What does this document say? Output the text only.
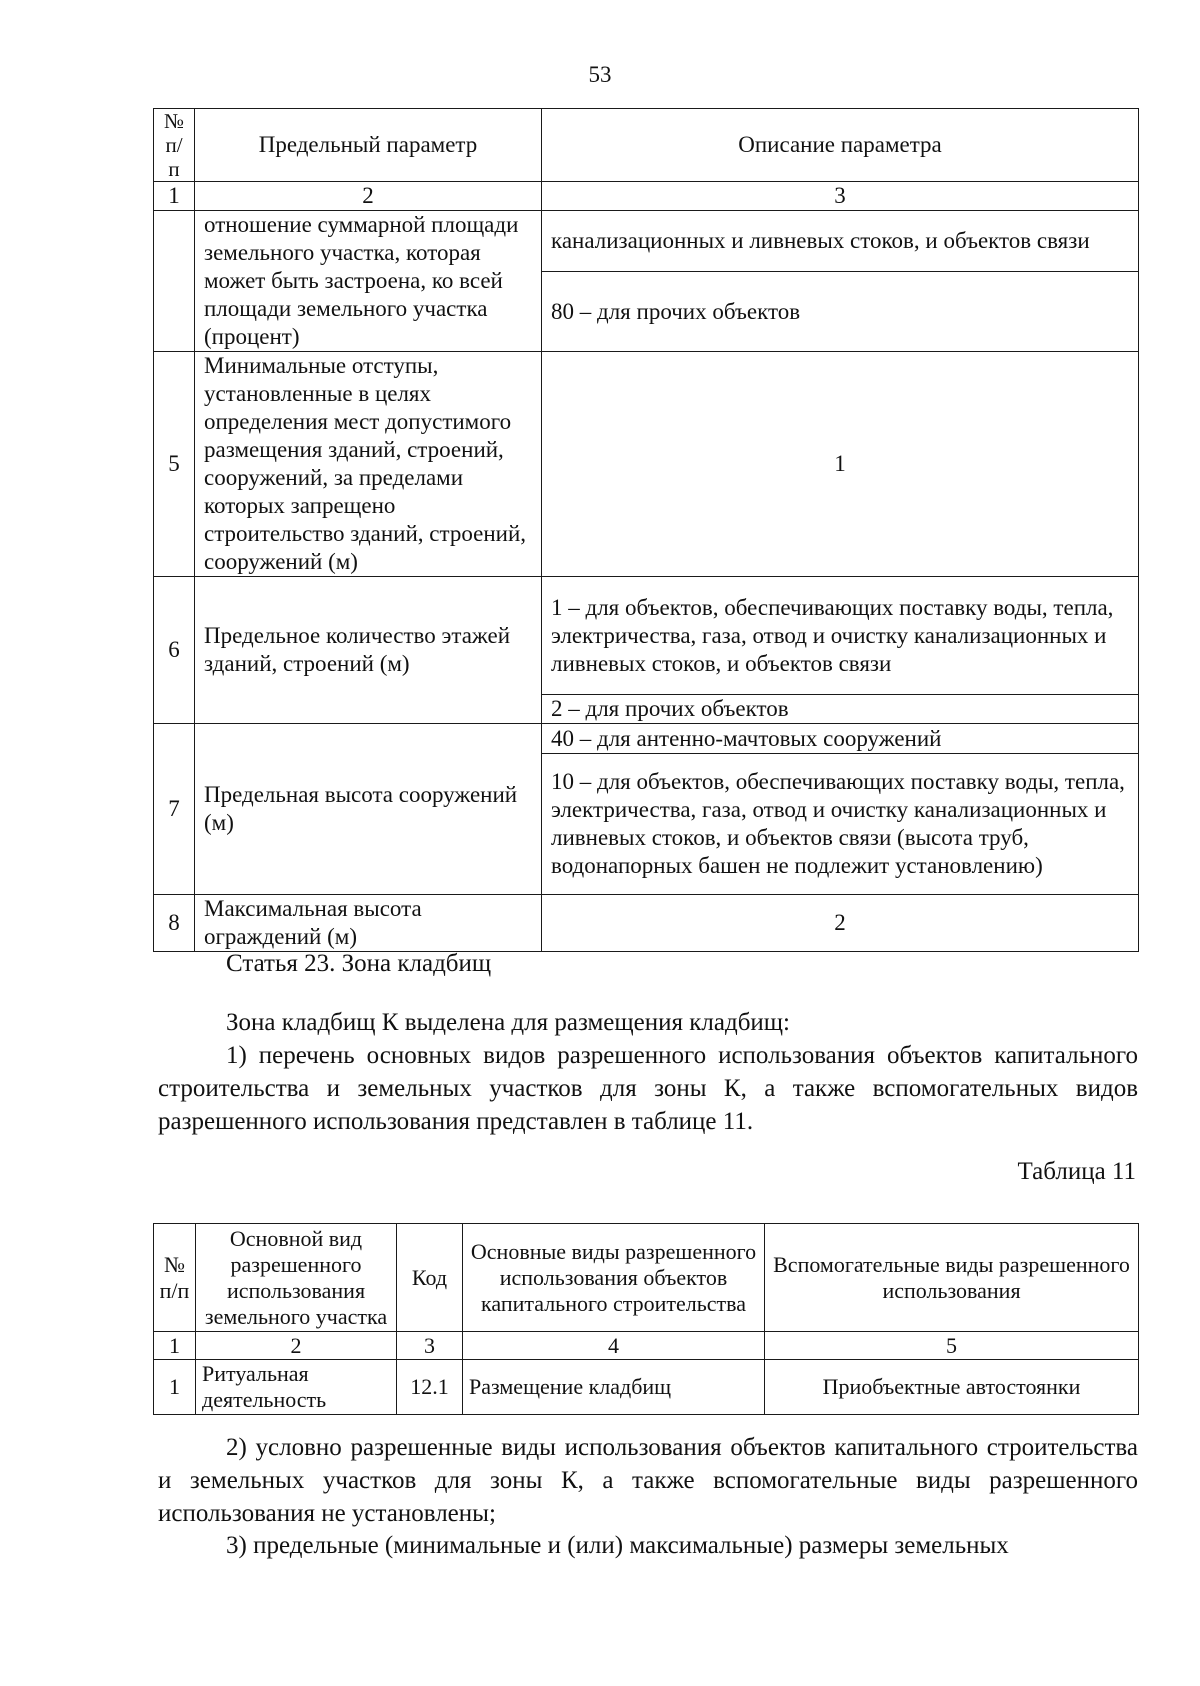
53
№ п/п	Предельный параметр	Описание параметра
1	2	3
	отношение суммарной площади земельного участка, которая может быть застроена, ко всей площади земельного участка (процент)	канализационных и ливневых стоков, и объектов связи
		80 – для прочих объектов
5	Минимальные отступы, установленные в целях определения мест допустимого размещения зданий, строений, сооружений, за пределами которых запрещено строительство зданий, строений, сооружений (м)	1
6	Предельное количество этажей зданий, строений (м)	1 – для объектов, обеспечивающих поставку воды, тепла, электричества, газа, отвод и очистку канализационных и ливневых стоков, и объектов связи
		2 – для прочих объектов
7	Предельная высота сооружений (м)	40 – для антенно-мачтовых сооружений
		10 – для объектов, обеспечивающих поставку воды, тепла, электричества, газа, отвод и очистку канализационных и ливневых стоков, и объектов связи (высота труб, водонапорных башен не подлежит установлению)
8	Максимальная высота ограждений (м)	2
Статья 23. Зона кладбищ
Зона кладбищ К выделена для размещения кладбищ:
1) перечень основных видов разрешенного использования объектов капитального строительства и земельных участков для зоны К, а также вспомогательных видов разрешенного использования представлен в таблице 11.
Таблица 11
№ п/п	Основной вид разрешенного использования земельного участка	Код	Основные виды разрешенного использования объектов капитального строительства	Вспомогательные виды разрешенного использования
1	2	3	4	5
1	Ритуальная деятельность	12.1	Размещение кладбищ	Приобъектные автостоянки
2) условно разрешенные виды использования объектов капитального строительства и земельных участков для зоны К, а также вспомогательные виды разрешенного использования не установлены;
3) предельные (минимальные и (или) максимальные) размеры земельных
